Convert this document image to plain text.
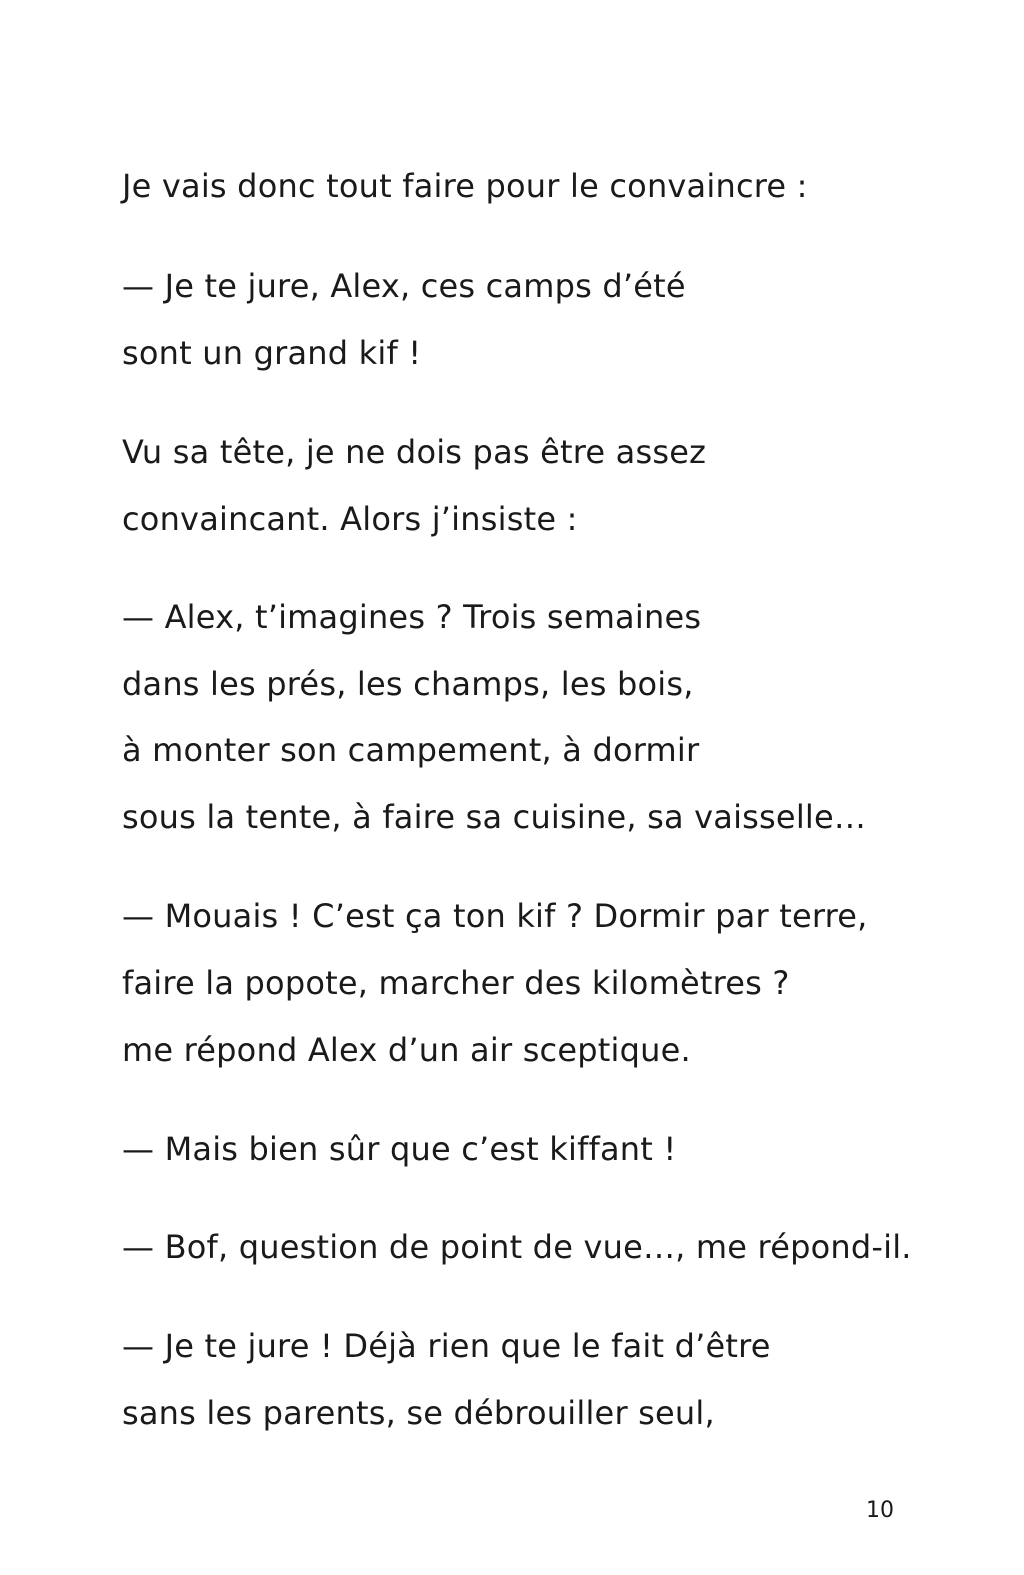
Je vais donc tout faire pour le convaincre :
— Je te jure, Alex, ces camps d’été
sont un grand kif !
Vu sa tête, je ne dois pas être assez
convaincant. Alors j’insiste :
— Alex, t’imagines ? Trois semaines
dans les prés, les champs, les bois,
à monter son campement, à dormir
sous la tente, à faire sa cuisine, sa vaisselle…
— Mouais ! C’est ça ton kif ? Dormir par terre,
faire la popote, marcher des kilomètres ?
me répond Alex d’un air sceptique.
— Mais bien sûr que c’est kiffant !
— Bof, question de point de vue…, me répond-il.
— Je te jure ! Déjà rien que le fait d’être
sans les parents, se débrouiller seul,
10
